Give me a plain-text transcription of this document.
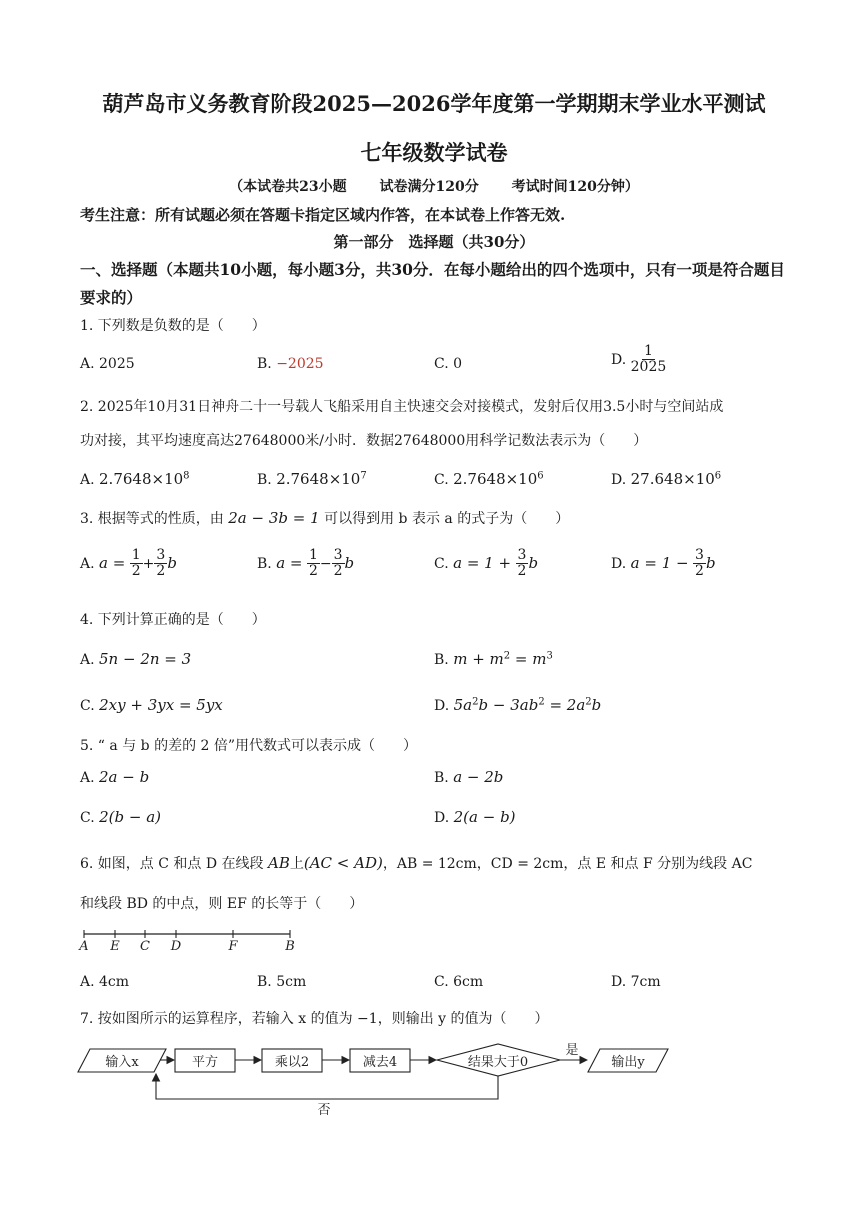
葫芦岛市义务教育阶段2025—2026学年度第一学期期末学业水平测试
七年级数学试卷
（本试卷共23小题 试卷满分120分 考试时间120分钟）
考生注意：所有试题必须在答题卡指定区域内作答，在本试卷上作答无效.
第一部分　选择题（共30分）
一、选择题（本题共10小题，每小题3分，共30分．在每小题给出的四个选项中，只有一项是符合题目要求的）
1. 下列数是负数的是（　　）
A. 2025	B. −2025	C. 0	D. $\frac{1}{2025}$
2. 2025年10月31日神舟二十一号载人飞船采用自主快速交会对接模式，发射后仅用3.5小时与空间站成
功对接，其平均速度高达27648000米/小时．数据27648000用科学记数法表示为（　　）
A. $2.7648\times 10^8$	B. $2.7648\times 10^7$	C. $2.7648\times 10^6$	D. $27.648\times 10^6$
3. 根据等式的性质，由 2a − 3b = 1 可以得到用 b 表示 a 的式子为（　　）
A. $a = \frac{1}{2} + \frac{3}{2}$ b	B. $a = \frac{1}{2} - \frac{3}{2}$ b	C. $a = 1 + \frac{3}{2}$ b	D. $a = 1 - \frac{3}{2}$ b
4. 下列计算正确的是（　　）
A. 5n − 2n = 3	B. $m + m^2 = m^3$
C. 2xy + 3yx = 5yx	D. $5a^2b - 3ab^2 = 2a^2b$
5. “ a 与 b 的差的 2 倍”用代数式可以表示成（　　）
A. 2a − b	B. a − 2b
C. 2(b − a)	D. 2(a − b)
6. 如图，点 C 和点 D 在线段 AB上(AC < AD)，AB = 12cm，CD = 2cm，点 E 和点 F 分别为线段 AC
和线段 BD 的中点，则 EF 的长等于（　　）
A E C D	F	B
A. 4cm	B. 5cm	C. 6cm	D. 7cm
7. 按如图所示的运算程序，若输入 x 的值为 −1，则输出 y 的值为（　　）
输入x	平方	乘以2	减去4	结果大于0
是
输出y
否
